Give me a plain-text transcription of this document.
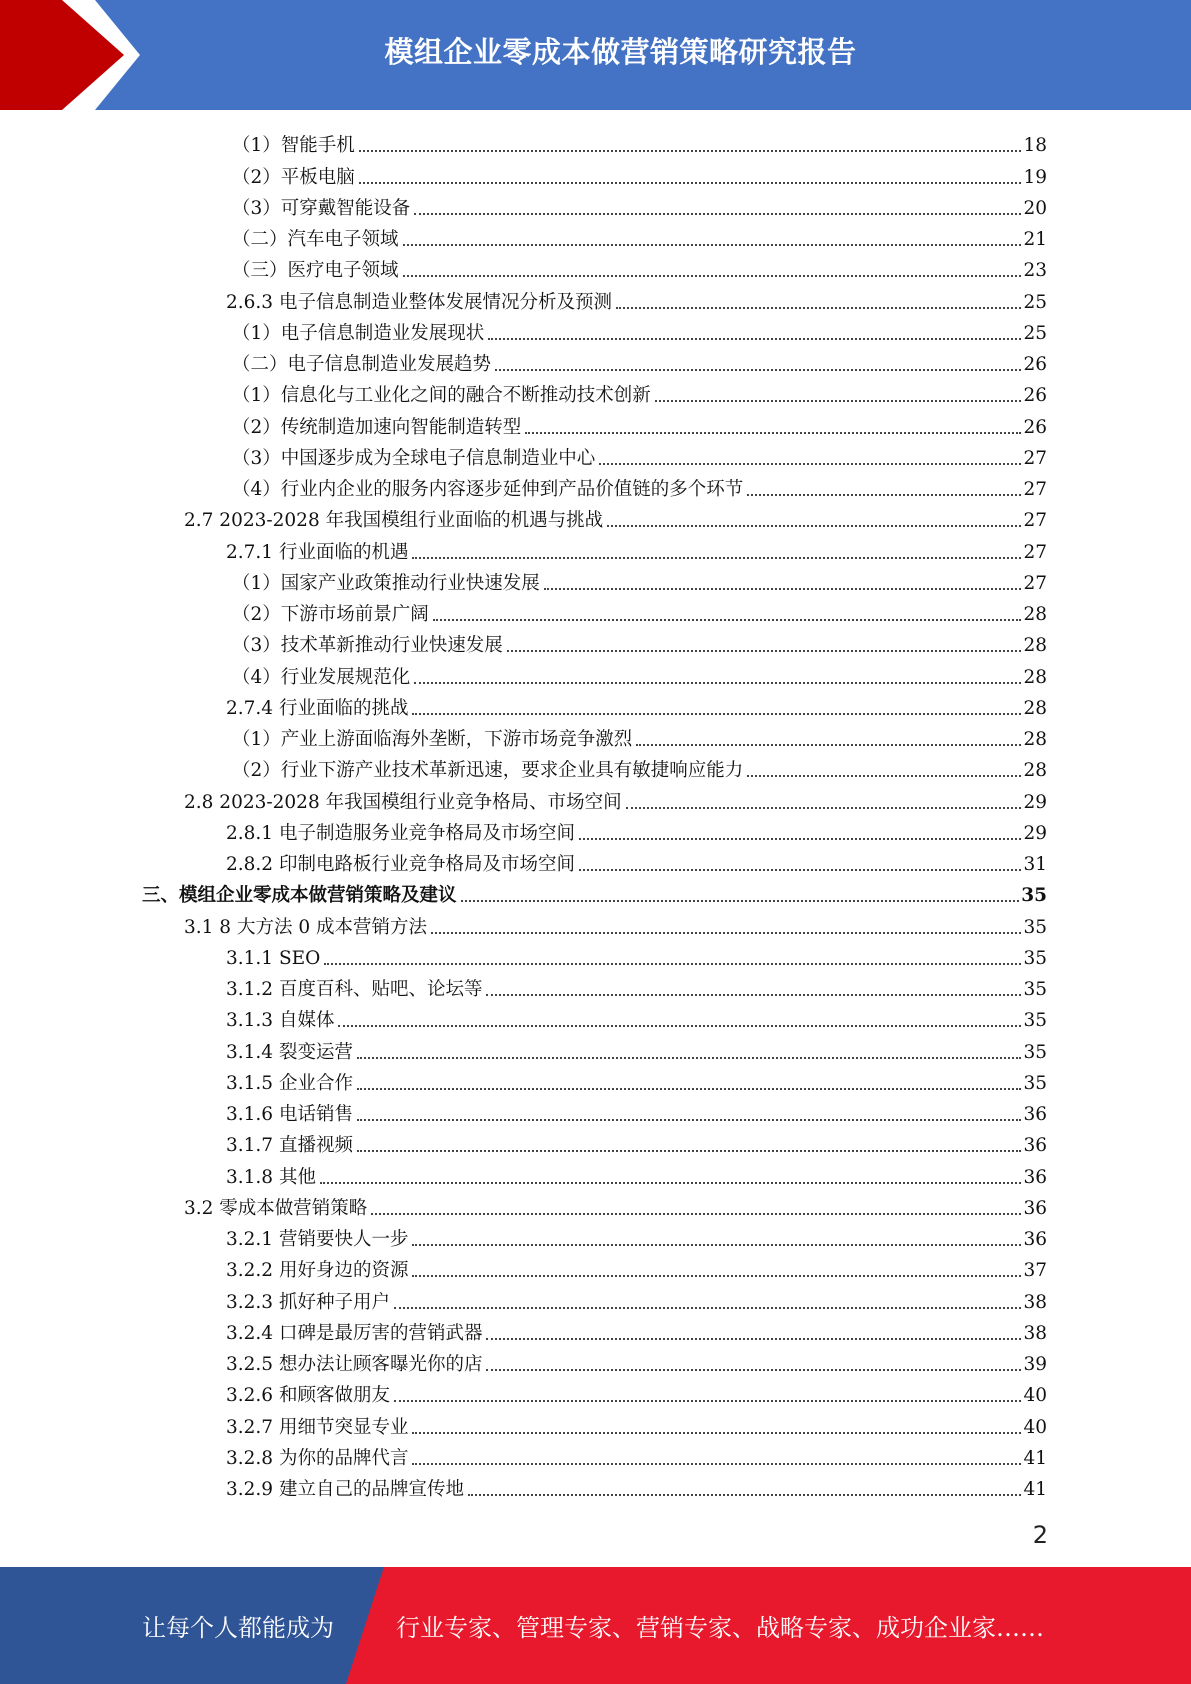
模组企业零成本做营销策略研究报告
（1）智能手机	18
（2）平板电脑	19
（3）可穿戴智能设备	20
（二）汽车电子领域	21
（三）医疗电子领域	23
2.6.3 电子信息制造业整体发展情况分析及预测	25
（1）电子信息制造业发展现状	25
（二）电子信息制造业发展趋势	26
（1）信息化与工业化之间的融合不断推动技术创新	26
（2）传统制造加速向智能制造转型	26
（3）中国逐步成为全球电子信息制造业中心	27
（4）行业内企业的服务内容逐步延伸到产品价值链的多个环节	27
2.7 2023-2028 年我国模组行业面临的机遇与挑战	27
2.7.1 行业面临的机遇	27
（1）国家产业政策推动行业快速发展	27
（2）下游市场前景广阔	28
（3）技术革新推动行业快速发展	28
（4）行业发展规范化	28
2.7.4 行业面临的挑战	28
（1）产业上游面临海外垄断，下游市场竞争激烈	28
（2）行业下游产业技术革新迅速，要求企业具有敏捷响应能力	28
2.8 2023-2028 年我国模组行业竞争格局、市场空间	29
2.8.1 电子制造服务业竞争格局及市场空间	29
2.8.2 印制电路板行业竞争格局及市场空间	31
三、模组企业零成本做营销策略及建议	35
3.1 8 大方法 0 成本营销方法	35
3.1.1 SEO	35
3.1.2 百度百科、贴吧、论坛等	35
3.1.3 自媒体	35
3.1.4 裂变运营	35
3.1.5 企业合作	35
3.1.6 电话销售	36
3.1.7 直播视频	36
3.1.8 其他	36
3.2 零成本做营销策略	36
3.2.1 营销要快人一步	36
3.2.2 用好身边的资源	37
3.2.3 抓好种子用户	38
3.2.4 口碑是最厉害的营销武器	38
3.2.5 想办法让顾客曝光你的店	39
3.2.6 和顾客做朋友	40
3.2.7 用细节突显专业	40
3.2.8 为你的品牌代言	41
3.2.9 建立自己的品牌宣传地	41
2
让每个人都能成为	行业专家、管理专家、营销专家、战略专家、成功企业家……
